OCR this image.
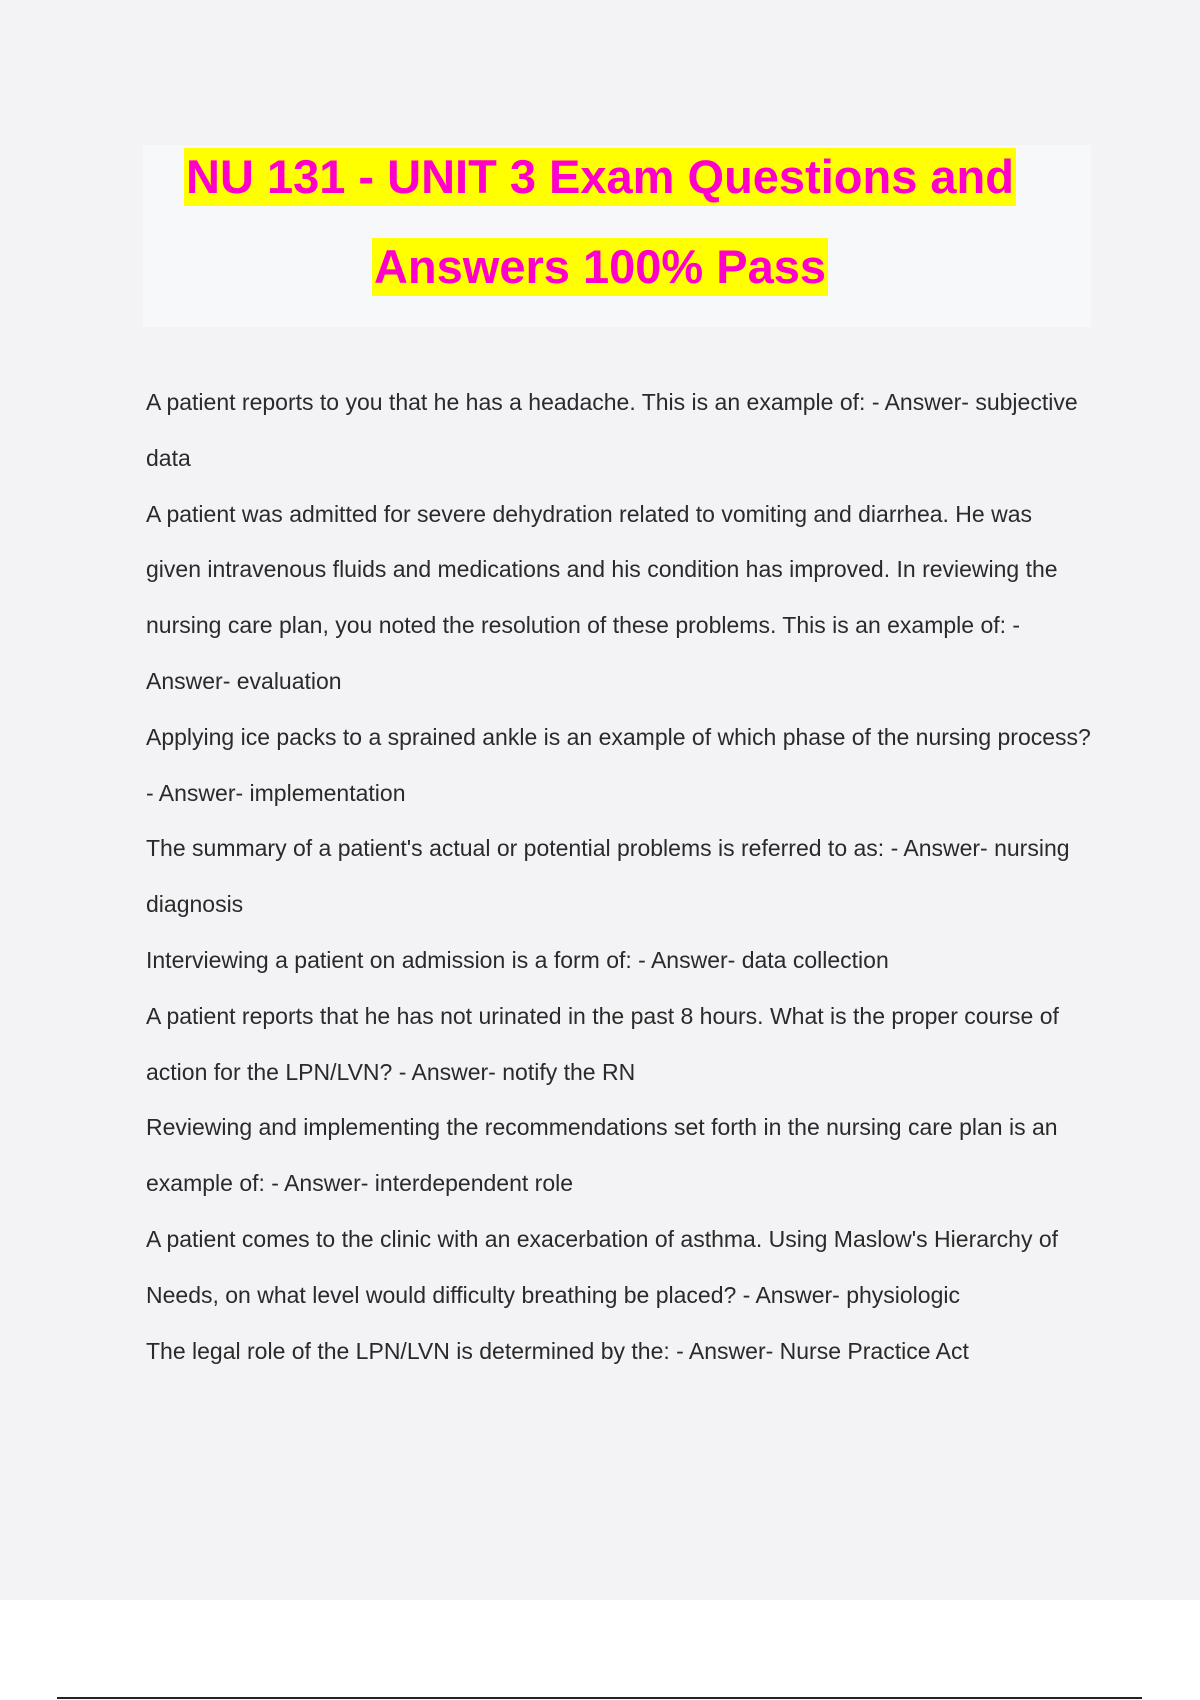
NU 131 - UNIT 3 Exam Questions and
Answers 100% Pass

A patient reports to you that he has a headache. This is an example of: - Answer- subjective data

A patient was admitted for severe dehydration related to vomiting and diarrhea. He was given intravenous fluids and medications and his condition has improved. In reviewing the nursing care plan, you noted the resolution of these problems. This is an example of: - Answer- evaluation

Applying ice packs to a sprained ankle is an example of which phase of the nursing process? - Answer- implementation

The summary of a patient's actual or potential problems is referred to as: - Answer- nursing diagnosis

Interviewing a patient on admission is a form of: - Answer- data collection

A patient reports that he has not urinated in the past 8 hours. What is the proper course of action for the LPN/LVN? - Answer- notify the RN

Reviewing and implementing the recommendations set forth in the nursing care plan is an example of: - Answer- interdependent role

A patient comes to the clinic with an exacerbation of asthma. Using Maslow's Hierarchy of Needs, on what level would difficulty breathing be placed? - Answer- physiologic

The legal role of the LPN/LVN is determined by the: - Answer- Nurse Practice Act
